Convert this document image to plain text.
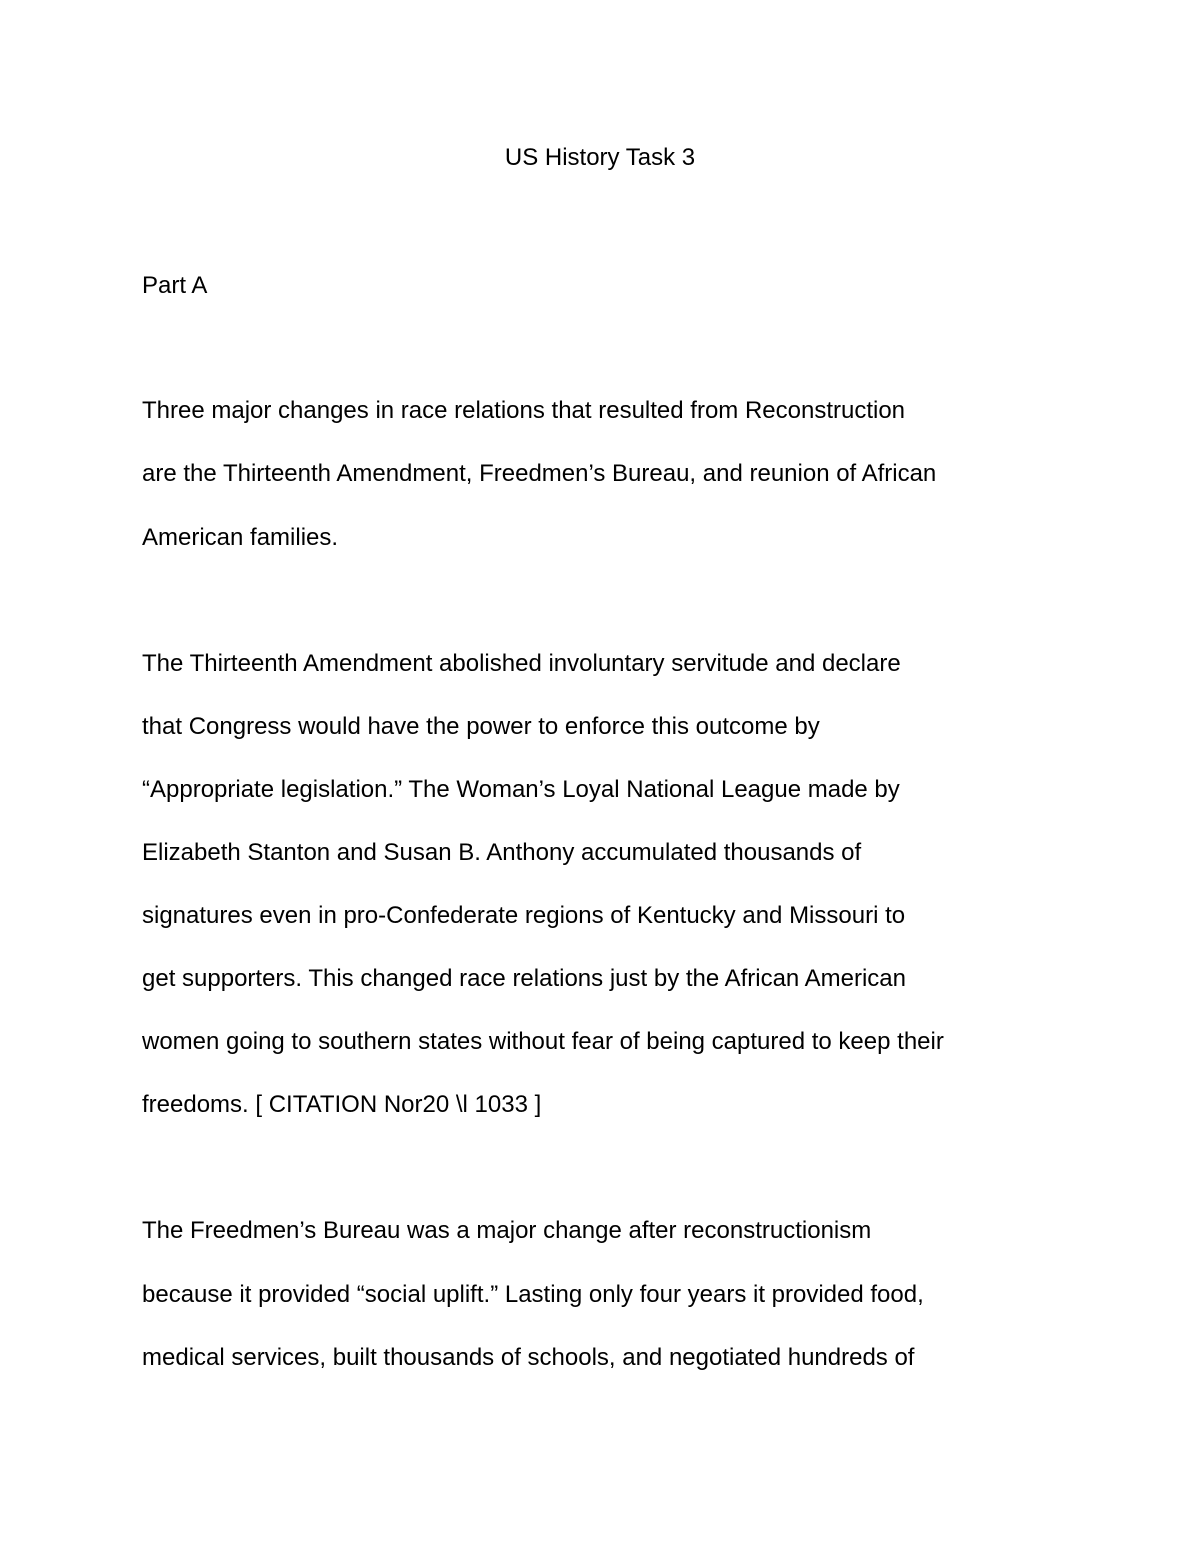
US History Task 3
Part A

Three major changes in race relations that resulted from Reconstruction

are the Thirteenth Amendment, Freedmen’s Bureau, and reunion of African

American families.

The Thirteenth Amendment abolished involuntary servitude and declare

that Congress would have the power to enforce this outcome by

“Appropriate legislation.” The Woman’s Loyal National League made by

Elizabeth Stanton and Susan B. Anthony accumulated thousands of

signatures even in pro-Confederate regions of Kentucky and Missouri to

get supporters. This changed race relations just by the African American

women going to southern states without fear of being captured to keep their

freedoms. [ CITATION Nor20 \l 1033 ]

The Freedmen’s Bureau was a major change after reconstructionism

because it provided “social uplift.” Lasting only four years it provided food,

medical services, built thousands of schools, and negotiated hundreds of
